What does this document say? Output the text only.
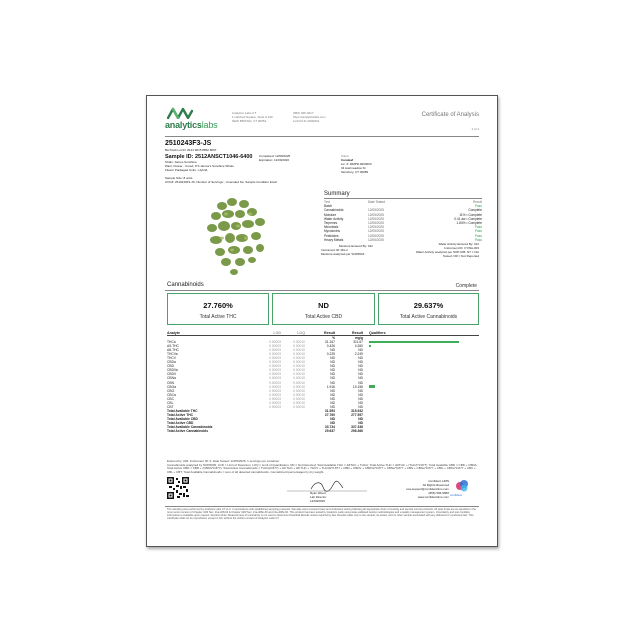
analyticslabs
Analytics Labs CT
1 Hartford Square, Suite # 230
NEW BRITAIN, CT 06052
(860) 925-0217
https://analyticslabs.com
Lic# ACTL.0000001
Certificate of Analysis
1 of 1
2510243F3-JS
BioTrack Lot ID: 8121 9015 8852 8097
Sample ID: 2512ANSCT1046-6400
Strain: James Sunshine
Plant, Flower - Cured, P.S James's Sunshine Whole
Flower Packaged Units - Hybrid,
Completed: 12/09/2025
Expiration: 12/09/2026
Sample Size: 8 units
COC#: 2510243F3-JS; Number of Servings: ; Amended No; Sample Condition Intact
Client
Curaleaf
Lic. #: MMPR.0000003
34 Hazmeadow St
Simsbury, CT 06089
Summary
Test	Date Tested	Result
Batch	Pass
Cannabinoids	12/05/2025	Complete
Moisture	12/05/2025	11% • Complete
Water Activity	12/05/2025	0.41 aw • Complete
Terpenes	12/06/2025	1.84% • Complete
Microbials	12/05/2025	Pass
Mycotoxins	12/05/2025	Pass
Pesticides	12/06/2025	Pass
Heavy Metals	12/06/2025	Pass
Moisture Entered By: 012
Instrument ID: MA-2
Moisture analyzed per SOP#004
Water Activity Entered By: 012
Instrument ID: CYWA-003
Water Activity analyzed per SOP-005: NT = Not
Tested; NR = Not Reported
Cannabinoids	Complete
27.760%
Total Active THC
ND
Total Active CBD
29.637%
Total Active Cannabinoids
Analyte	LOD	LOQ	Result	Result	Qualifiers
%	mg/g
THCa	0.00003	0.00010	31.167	311.67
Δ9-THC	0.00003	0.00010	0.426	4.260
Δ8-THC	0.00003	0.00010	ND	ND
THCVa	0.00003	0.00010	0.225	2.249
THCV	0.00003	0.00010	ND	ND
CBDa	0.00003	0.00010	ND	ND
CBD	0.00003	0.00010	ND	ND
CBDVa	0.00003	0.00010	ND	ND
CBDV	0.00003	0.00010	ND	ND
CBNa	0.00003	0.00010	ND	ND
CBN	0.00003	0.00010	ND	ND
CBGa	0.00003	0.00010	1.916	19.156
CBG	0.00003	0.00010	ND	ND
CBCa	0.00003	0.00010	ND	ND
CBC	0.00003	0.00010	ND	ND
CBL	0.00003	0.00010	ND	ND
CBT	0.00003	0.00010	ND	ND
Total Available THC	31.593	315.932
Total Active THC	27.760	277.597
Total Available CBD	ND	ND
Total Active CBD	ND	ND
Total Available Cannabinoids	33.734	337.338
Total Active Cannabinoids	29.637	296.366
Entered by: 006; Instrument ID: 2; Date Tested: 12/05/2025; 1 servings per container.
Cannabinoids analyzed by SOP#009; LOD = Limit of Detection; LOQ = Limit of Quantitation; ND = Not Detected; Total Available THC = Δ9THC + THCA; Total Active THC = Δ9THC + (THCA*0.877); Total Available CBD = CBD + CBDA; Total Active CBD = CBD + (CBDA*0.877); Total Active Cannabinoids = THCA(0.877) + Δ9 THC + Δ8 THC + THCV + THCVa*0.877 + CBD + CBDV + CBDVa*0.877 + CBNa*0.877 + CBN + CBGa*0.877 + CBG + CBCa*0.877 + CBC + CBL + CBT; Total Available Cannabinoids = sum of all detected cannabinoids. Cannabinoid percentages by dry weight.
Ryan Wood
Lab Director
12/09/2025
Confident LIMS
All Rights Reserved
coa-support@confidentlims.com
(866) 506-5866
www.confidentlims.com confident
The sampling was performed by Analytics Labs CT LLC. In accordance with established sampling protocols. Samples were received intact and underwent testing following all appropriate chain of custody and sample control protocols. All pass limits are as specified in the most recent version of Chapter 420f Sec. 21a-408-64 & Chapter 420f Sec. 21a-408e-69 and 21a-408e-60. This product has been tested by Analytics Labs using state-validated testing methodologies and a quality management system. Uncertainty and test condition information is available upon request. Decision Rule: Measurement of uncertainty is not used to determine Pass/Fail Results unless required by law. Results relate only to the sample, as tested, and no other sample associated with any delivered or conducted test. This Certificate shall not be reproduced, except in full, without the written consent of Analytics Labs CT.
